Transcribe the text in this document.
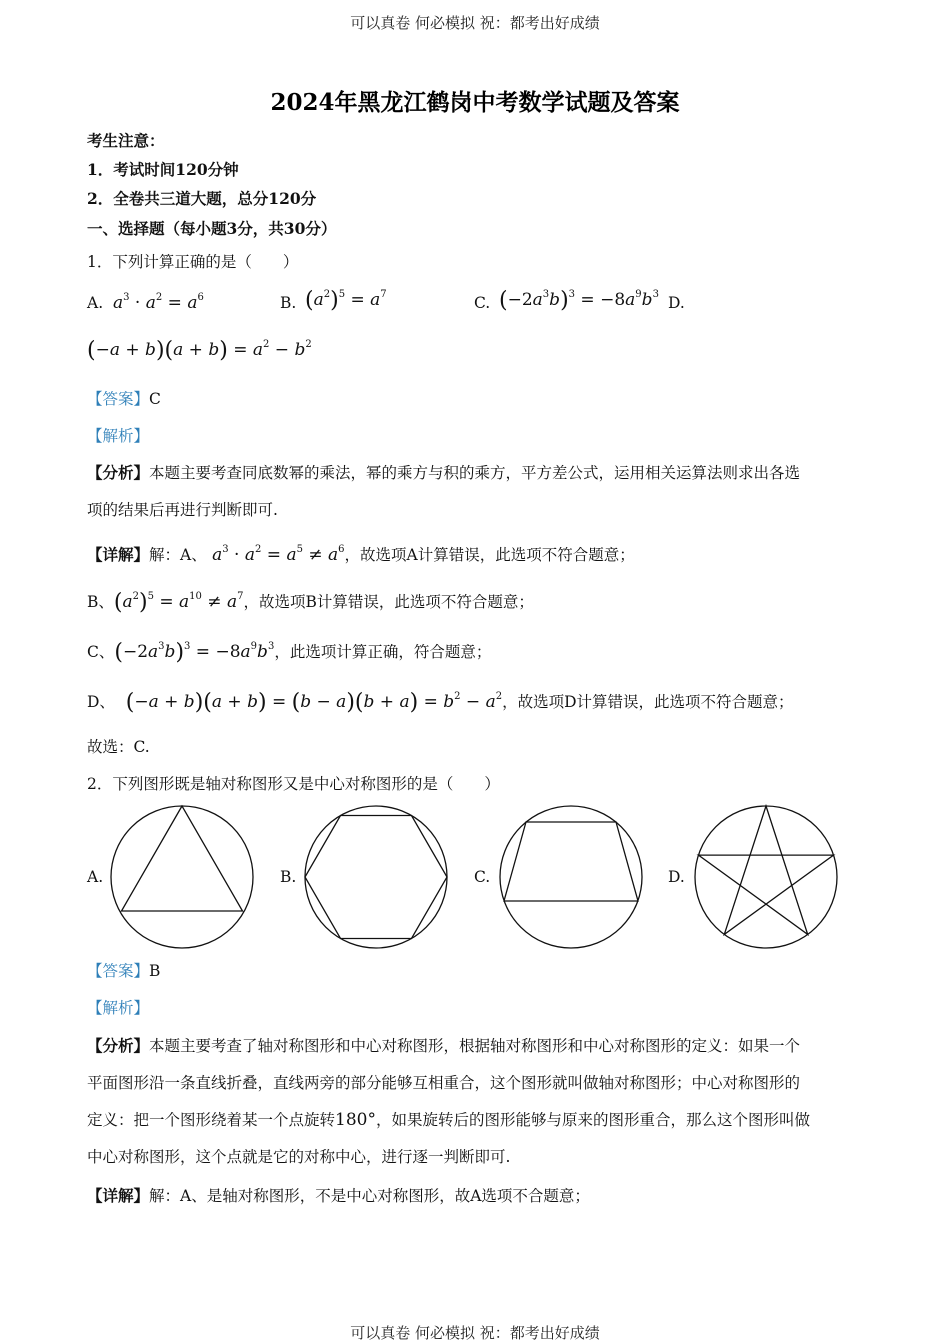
可以真卷 何必模拟 祝：都考出好成绩
2024年黑龙江鹤岗中考数学试题及答案
考生注意：
1．考试时间120分钟
2．全卷共三道大题，总分120分
一、选择题（每小题3分，共30分）
1．下列计算正确的是（　　）
A. $a^3 \cdot a^2 = a^6$	B. $(a^2)^5 = a^7$	C. $(-2a^3b)^3 = -8a^9b^3$ D.
$(-a + b)(a + b) = a^2 - b^2$
【答案】C
【解析】
【分析】本题主要考查同底数幂的乘法，幂的乘方与积的乘方，平方差公式，运用相关运算法则求出各选
项的结果后再进行判断即可.
【详解】解：A、 $a^3 \cdot a^2 = a^5 \ne a^6$，故选项A计算错误，此选项不符合题意；
B、$(a^2)^5 = a^{10} \ne a^7$，故选项B计算错误，此选项不符合题意；
C、$(-2a^3b)^3 = -8a^9b^3$，此选项计算正确，符合题意；
D、 $(-a + b)(a + b) = (b - a)(b + a) = b^2 - a^2$，故选项D计算错误，此选项不符合题意；
故选：C.
2．下列图形既是轴对称图形又是中心对称图形的是（　　）
A.	B.	C.	D.
【答案】B
【解析】
【分析】本题主要考查了轴对称图形和中心对称图形，根据轴对称图形和中心对称图形的定义：如果一个
平面图形沿一条直线折叠，直线两旁的部分能够互相重合，这个图形就叫做轴对称图形；中心对称图形的
定义：把一个图形绕着某一个点旋转180°，如果旋转后的图形能够与原来的图形重合，那么这个图形叫做
中心对称图形，这个点就是它的对称中心，进行逐一判断即可.
【详解】解：A、是轴对称图形，不是中心对称图形，故A选项不合题意；
可以真卷 何必模拟 祝：都考出好成绩
